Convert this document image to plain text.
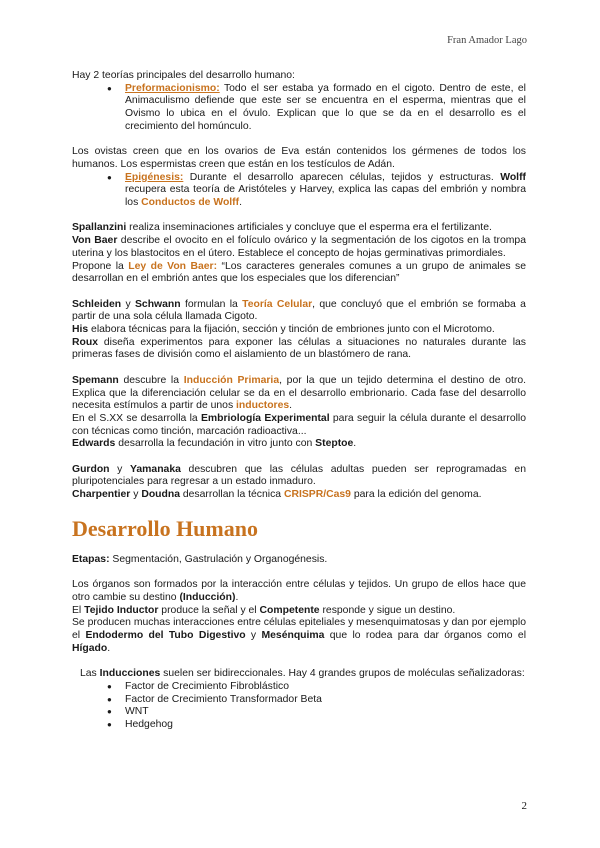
Fran Amador Lago

Hay 2 teorías principales del desarrollo humano:

● Preformacionismo: Todo el ser estaba ya formado en el cigoto. Dentro de este, el Animaculismo defiende que este ser se encuentra en el esperma, mientras que el Ovismo lo ubica en el óvulo. Explican que lo que se da en el desarrollo es el crecimiento del homúnculo.

Los ovistas creen que en los ovarios de Eva están contenidos los gérmenes de todos los humanos. Los espermistas creen que están en los testículos de Adán.

● Epigénesis: Durante el desarrollo aparecen células, tejidos y estructuras. Wolff recupera esta teoría de Aristóteles y Harvey, explica las capas del embrión y nombra los Conductos de Wolff.

Spallanzini realiza inseminaciones artificiales y concluye que el esperma era el fertilizante.

Von Baer describe el ovocito en el folículo ovárico y la segmentación de los cigotos en la trompa uterina y los blastocitos en el útero. Establece el concepto de hojas germinativas primordiales.

Propone la Ley de Von Baer: “Los caracteres generales comunes a un grupo de animales se desarrollan en el embrión antes que los especiales que los diferencian”

Schleiden y Schwann formulan la Teoría Celular, que concluyó que el embrión se formaba a partir de una sola célula llamada Cigoto.

His elabora técnicas para la fijación, sección y tinción de embriones junto con el Microtomo.

Roux diseña experimentos para exponer las células a situaciones no naturales durante las primeras fases de división como el aislamiento de un blastómero de rana.

Spemann descubre la Inducción Primaria, por la que un tejido determina el destino de otro. Explica que la diferenciación celular se da en el desarrollo embrionario. Cada fase del desarrollo necesita estímulos a partir de unos inductores.

En el S.XX se desarrolla la Embriología Experimental para seguir la célula durante el desarrollo con técnicas como tinción, marcación radioactiva...

Edwards desarrolla la fecundación in vitro junto con Steptoe.

Gurdon y Yamanaka descubren que las células adultas pueden ser reprogramadas en pluripotenciales para regresar a un estado inmaduro.

Charpentier y Doudna desarrollan la técnica CRISPR/Cas9 para la edición del genoma.

Desarrollo Humano

Etapas: Segmentación, Gastrulación y Organogénesis.

Los órganos son formados por la interacción entre células y tejidos. Un grupo de ellos hace que otro cambie su destino (Inducción).

El Tejido Inductor produce la señal y el Competente responde y sigue un destino.

Se producen muchas interacciones entre células epiteliales y mesenquimatosas y dan por ejemplo el Endodermo del Tubo Digestivo y Mesénquima que lo rodea para dar órganos como el Hígado.

Las Inducciones suelen ser bidireccionales. Hay 4 grandes grupos de moléculas señalizadoras:

● Factor de Crecimiento Fibroblástico
● Factor de Crecimiento Transformador Beta
● WNT
● Hedgehog
2
